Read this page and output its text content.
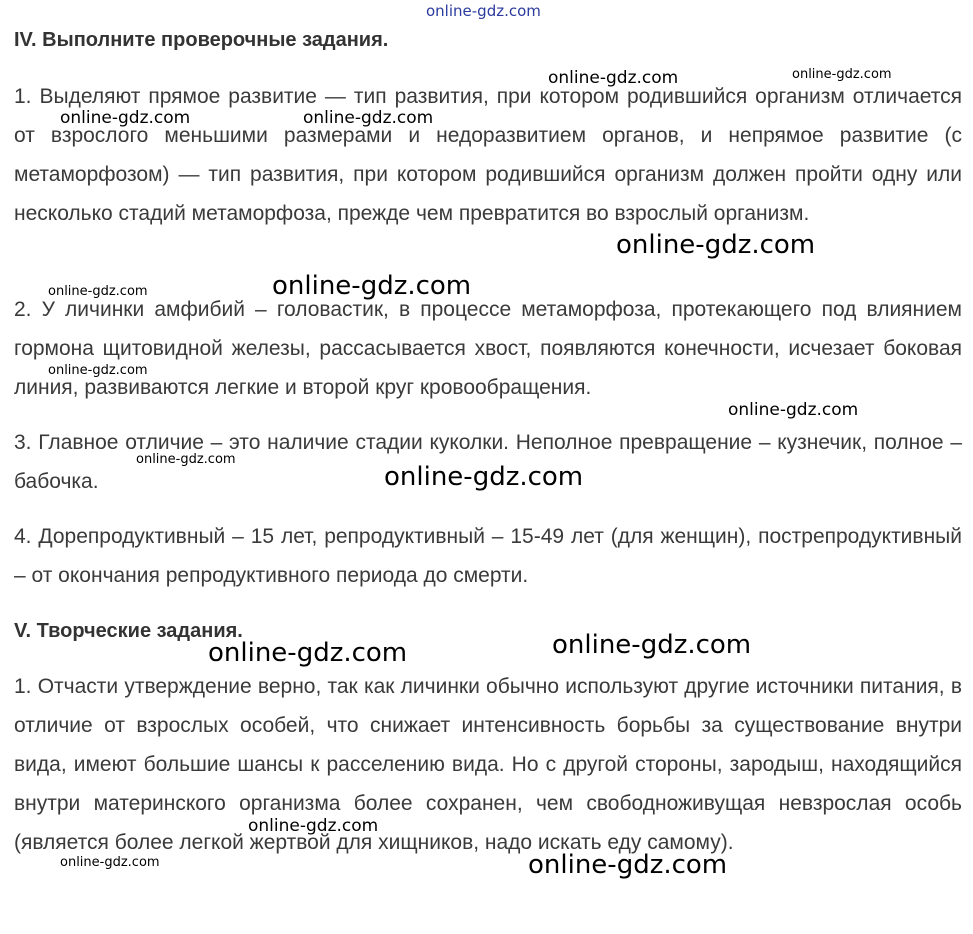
online-gdz.com
IV. Выполните проверочные задания.
1. Выделяют прямое развитие — тип развития, при котором родившийся организм отличается от взрослого меньшими размерами и недоразвитием органов, и непрямое развитие (с метаморфозом) — тип развития, при котором родившийся организм должен пройти одну или несколько стадий метаморфоза, прежде чем превратится во взрослый организм.
2. У личинки амфибий – головастик, в процессе метаморфоза, протекающего под влиянием гормона щитовидной железы, рассасывается хвост, появляются конечности, исчезает боковая линия, развиваются легкие и второй круг кровообращения.
3. Главное отличие – это наличие стадии куколки. Неполное превращение – кузнечик, полное – бабочка.
4. Дорепродуктивный – 15 лет, репродуктивный – 15-49 лет (для женщин), пострепродуктивный – от окончания репродуктивного периода до смерти.
V. Творческие задания.
1. Отчасти утверждение верно, так как личинки обычно используют другие источники питания, в отличие от взрослых особей, что снижает интенсивность борьбы за существование внутри вида, имеют большие шансы к расселению вида. Но с другой стороны, зародыш, находящийся внутри материнского организма более сохранен, чем свободноживущая невзрослая особь (является более легкой жертвой для хищников, надо искать еду самому).
online-gdz.com	online-gdz.com
online-gdz.com	online-gdz.com
online-gdz.com
online-gdz.com	online-gdz.com
online-gdz.com
online-gdz.com
online-gdz.com
online-gdz.com
online-gdz.com	online-gdz.com
online-gdz.com
online-gdz.com	online-gdz.com
